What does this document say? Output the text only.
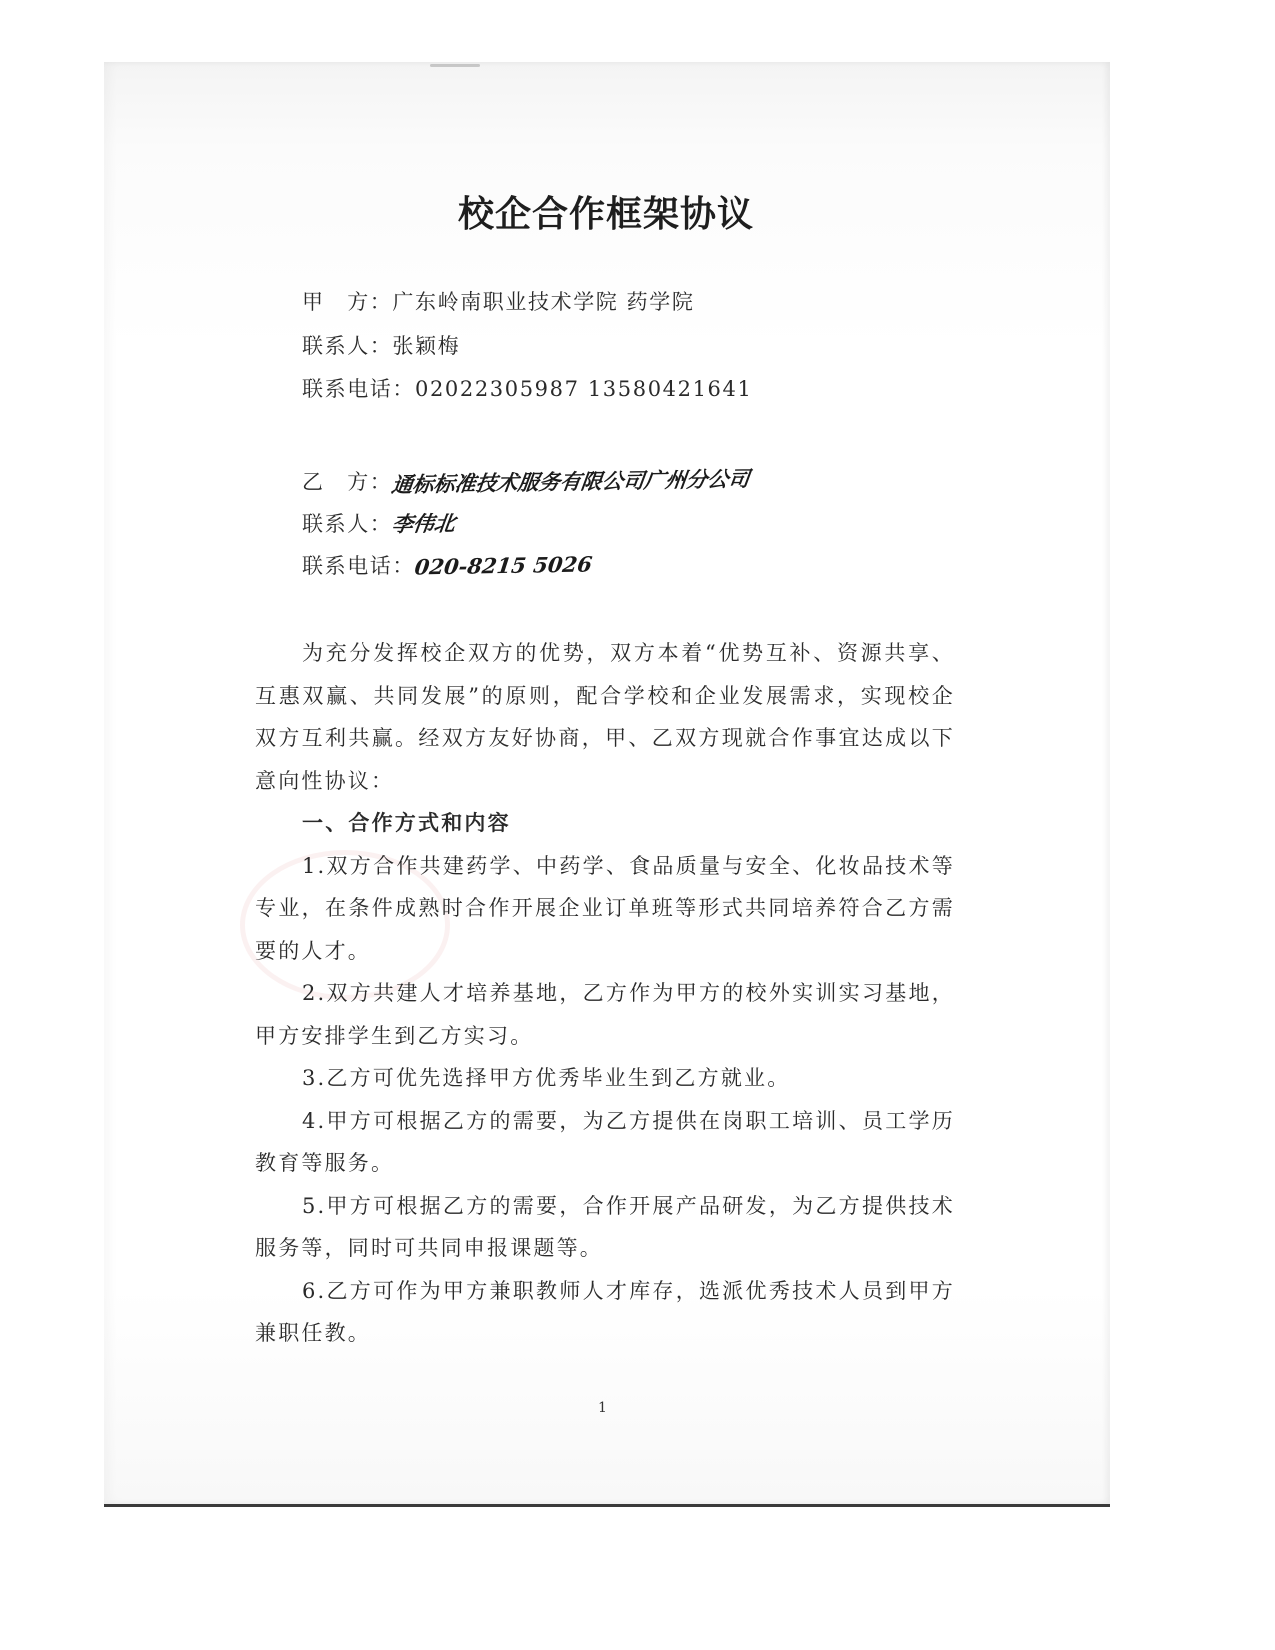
校企合作框架协议
甲　方：广东岭南职业技术学院 药学院
联系人：张颖梅
联系电话：02022305987 13580421641
乙　方：通标标准技术服务有限公司广州分公司
联系人：李伟北
联系电话：020-8215 5026
为充分发挥校企双方的优势，双方本着“优势互补、资源共享、
互惠双赢、共同发展”的原则，配合学校和企业发展需求，实现校企
双方互利共赢。经双方友好协商，甲、乙双方现就合作事宜达成以下
意向性协议：
一、合作方式和内容
1.双方合作共建药学、中药学、食品质量与安全、化妆品技术等
专业，在条件成熟时合作开展企业订单班等形式共同培养符合乙方需
要的人才。
2.双方共建人才培养基地，乙方作为甲方的校外实训实习基地，
甲方安排学生到乙方实习。
3.乙方可优先选择甲方优秀毕业生到乙方就业。
4.甲方可根据乙方的需要，为乙方提供在岗职工培训、员工学历
教育等服务。
5.甲方可根据乙方的需要，合作开展产品研发，为乙方提供技术
服务等，同时可共同申报课题等。
6.乙方可作为甲方兼职教师人才库存，选派优秀技术人员到甲方
兼职任教。
1
